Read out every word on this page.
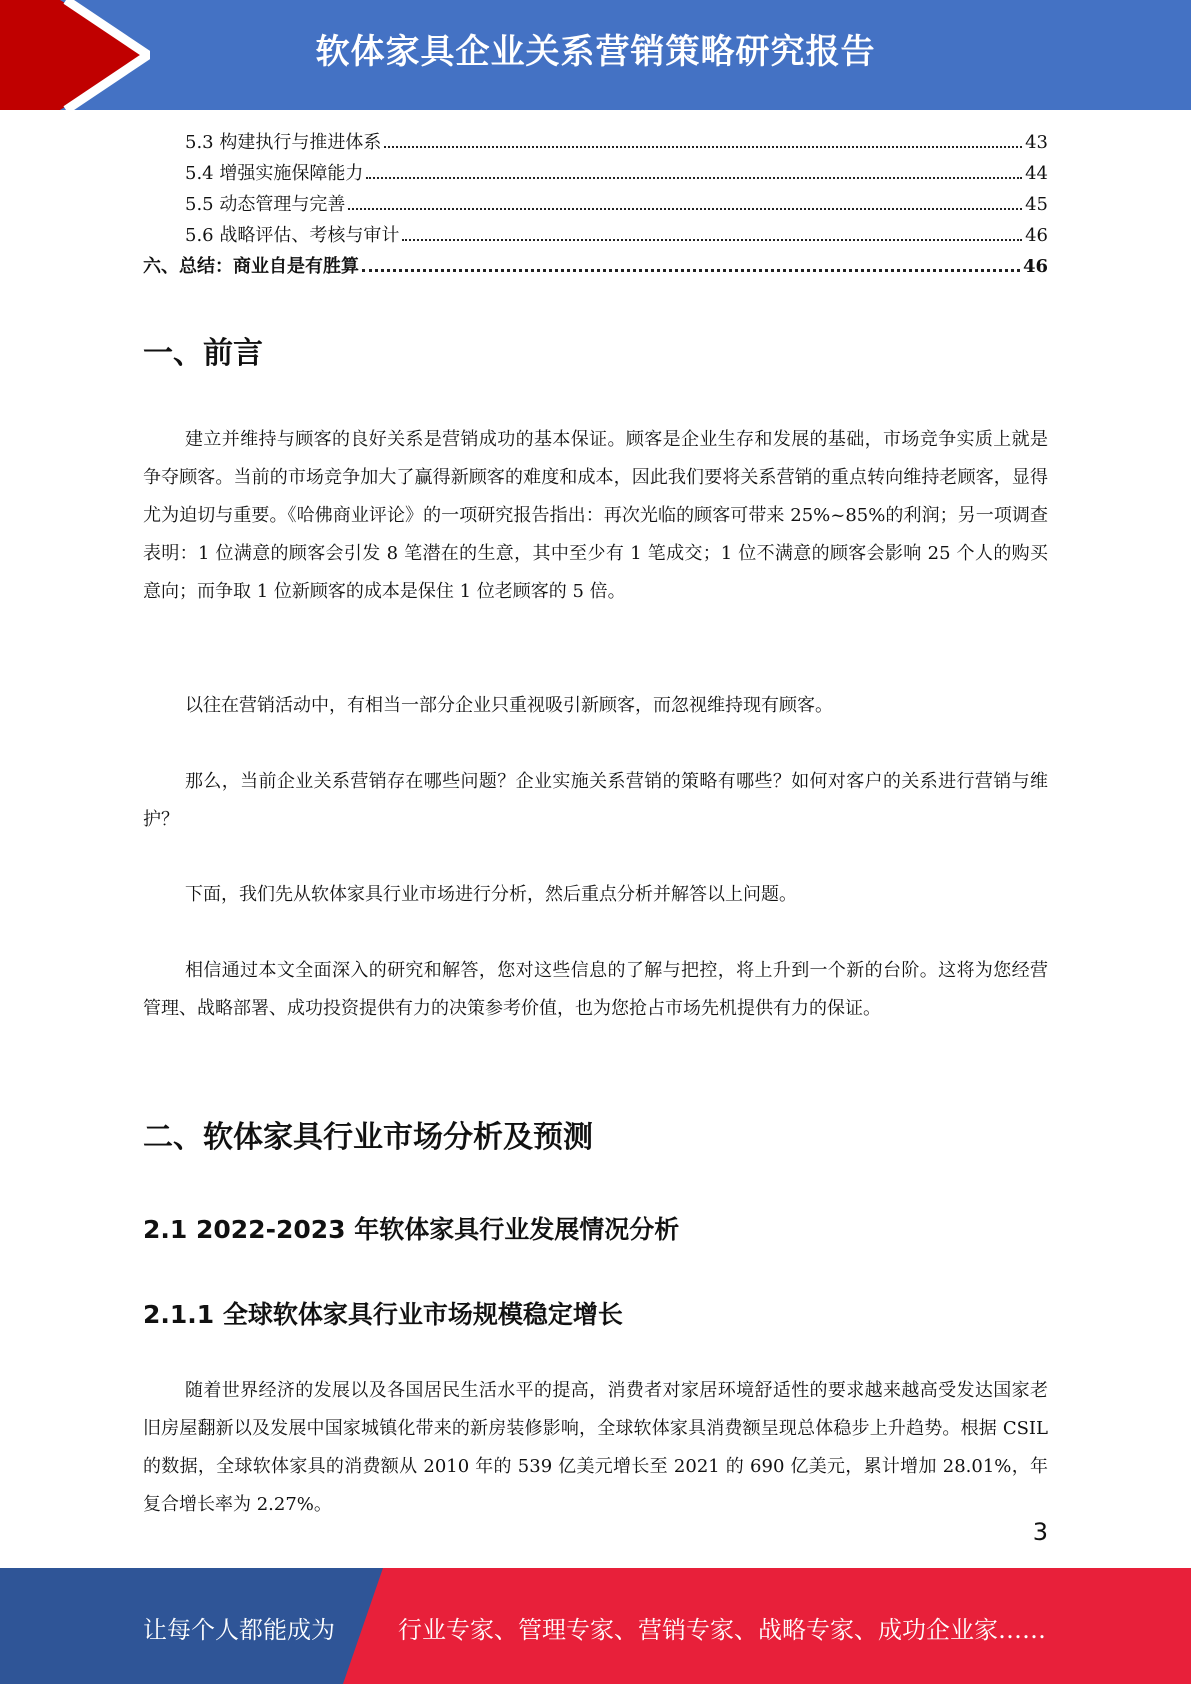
软体家具企业关系营销策略研究报告
5.3 构建执行与推进体系	43
5.4 增强实施保障能力	44
5.5 动态管理与完善	45
5.6 战略评估、考核与审计	46
六、总结：商业自是有胜算	46
一、前言

建立并维持与顾客的良好关系是营销成功的基本保证。顾客是企业生存和发展的基础，市场竞争实质上就是争夺顾客。当前的市场竞争加大了赢得新顾客的难度和成本，因此我们要将关系营销的重点转向维持老顾客，显得尤为迫切与重要。《哈佛商业评论》的一项研究报告指出：再次光临的顾客可带来 25%~85%的利润；另一项调查表明：1 位满意的顾客会引发 8 笔潜在的生意，其中至少有 1 笔成交；1 位不满意的顾客会影响 25 个人的购买意向；而争取 1 位新顾客的成本是保住 1 位老顾客的 5 倍。

以往在营销活动中，有相当一部分企业只重视吸引新顾客，而忽视维持现有顾客。

那么，当前企业关系营销存在哪些问题？企业实施关系营销的策略有哪些？如何对客户的关系进行营销与维护？

下面，我们先从软体家具行业市场进行分析，然后重点分析并解答以上问题。

相信通过本文全面深入的研究和解答，您对这些信息的了解与把控，将上升到一个新的台阶。这将为您经营管理、战略部署、成功投资提供有力的决策参考价值，也为您抢占市场先机提供有力的保证。

二、软体家具行业市场分析及预测
2.1 2022-2023 年软体家具行业发展情况分析
2.1.1 全球软体家具行业市场规模稳定增长

随着世界经济的发展以及各国居民生活水平的提高，消费者对家居环境舒适性的要求越来越高受发达国家老旧房屋翻新以及发展中国家城镇化带来的新房装修影响，全球软体家具消费额呈现总体稳步上升趋势。根据 CSIL 的数据，全球软体家具的消费额从 2010 年的 539 亿美元增长至 2021 的 690 亿美元，累计增加 28.01%，年复合增长率为 2.27%。

3
让每个人都能成为	行业专家、管理专家、营销专家、战略专家、成功企业家……
